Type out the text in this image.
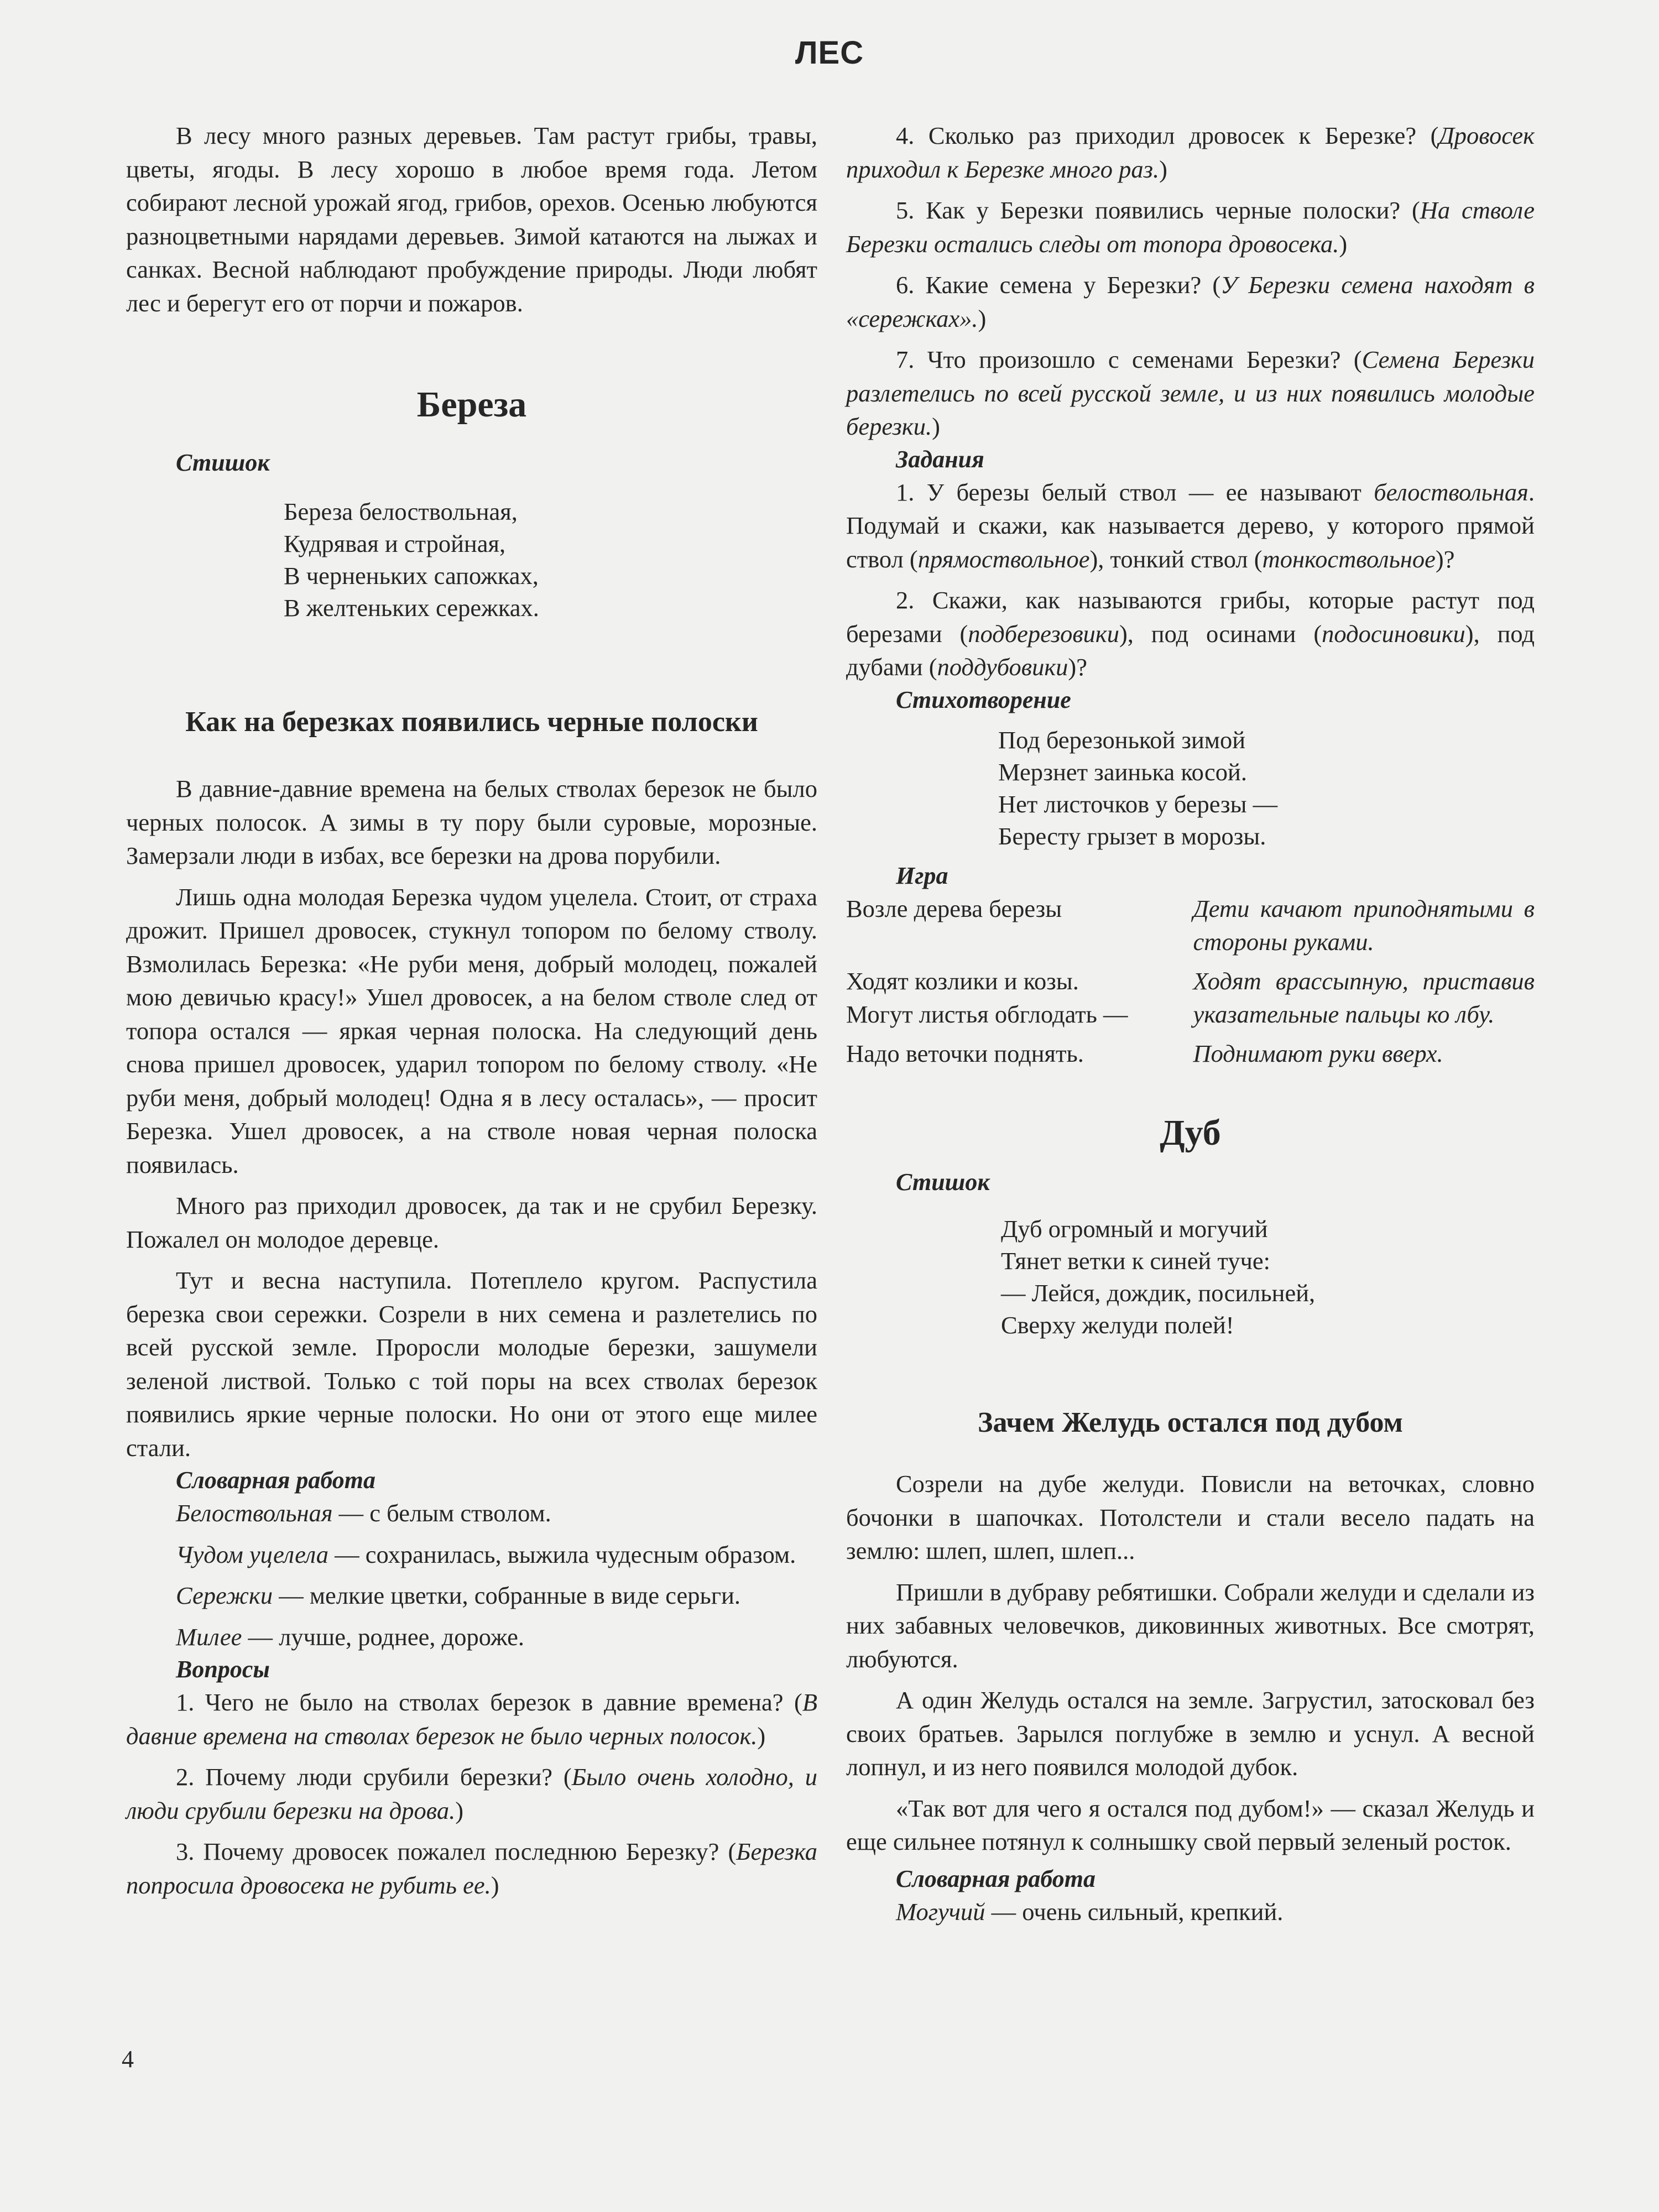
ЛЕС

В лесу много разных деревьев. Там растут грибы, травы, цветы, ягоды. В лесу хорошо в любое время года. Летом собирают лесной урожай ягод, грибов, орехов. Осенью любуются разноцветными нарядами деревьев. Зимой катаются на лыжах и санках. Весной наблюдают пробуждение природы. Люди любят лес и берегут его от порчи и пожаров.

Береза
Стишок
Береза белоствольная,
Кудрявая и стройная,
В черненьких сапожках,
В желтеньких сережках.
Как на березках появились черные полоски

В давние-давние времена на белых стволах березок не было черных полосок. А зимы в ту пору были суровые, морозные. Замерзали люди в избах, все березки на дрова порубили.

Лишь одна молодая Березка чудом уцелела. Стоит, от страха дрожит. Пришел дровосек, стукнул топором по белому стволу. Взмолилась Березка: «Не руби меня, добрый молодец, пожалей мою девичью красу!» Ушел дровосек, а на белом стволе след от топора остался — яркая черная полоска. На следующий день снова пришел дровосек, ударил топором по белому стволу. «Не руби меня, добрый молодец! Одна я в лесу осталась», — просит Березка. Ушел дровосек, а на стволе новая черная полоска появилась.

Много раз приходил дровосек, да так и не срубил Березку. Пожалел он молодое деревце.

Тут и весна наступила. Потеплело кругом. Распустила березка свои сережки. Созрели в них семена и разлетелись по всей русской земле. Проросли молодые березки, зашумели зеленой листвой. Только с той поры на всех стволах березок появились яркие черные полоски. Но они от этого еще милее стали.

Словарная работа

Белоствольная — с белым стволом.

Чудом уцелела — сохранилась, выжила чудесным образом.

Сережки — мелкие цветки, собранные в виде серьги.

Милее — лучше, роднее, дороже.

Вопросы

1. Чего не было на стволах березок в давние времена? (В давние времена на стволах березок не было черных полосок.)

2. Почему люди срубили березки? (Было очень холодно, и люди срубили березки на дрова.)

3. Почему дровосек пожалел последнюю Березку? (Березка попросила дровосека не рубить ее.)

4. Сколько раз приходил дровосек к Березке? (Дровосек приходил к Березке много раз.)

5. Как у Березки появились черные полоски? (На стволе Березки остались следы от топора дровосека.)

6. Какие семена у Березки? (У Березки семена находят в «сережках».)

7. Что произошло с семенами Березки? (Семена Березки разлетелись по всей русской земле, и из них появились молодые березки.)

Задания

1. У березы белый ствол — ее называют белоствольная. Подумай и скажи, как называется дерево, у которого прямой ствол (прямоствольное), тонкий ствол (тонкоствольное)?

2. Скажи, как называются грибы, которые растут под березами (подберезовики), под осинами (подосиновики), под дубами (поддубовики)?

Стихотворение
Под березонькой зимой
Мерзнет заинька косой.
Нет листочков у березы —
Бересту грызет в морозы.
Игра
Возле дерева березы	Дети качают приподнятыми в стороны руками.
Ходят козлики и козы.
Могут листья обглодать —
Ходят врассыпную, приставив указательные пальцы ко лбу.
Надо веточки поднять.	Поднимают руки вверх.
Дуб
Стишок
Дуб огромный и могучий
Тянет ветки к синей туче:
— Лейся, дождик, посильней,
Сверху желуди полей!
Зачем Желудь остался под дубом

Созрели на дубе желуди. Повисли на веточках, словно бочонки в шапочках. Потолстели и стали весело падать на землю: шлеп, шлеп, шлеп...

Пришли в дубраву ребятишки. Собрали желуди и сделали из них забавных человечков, диковинных животных. Все смотрят, любуются.

А один Желудь остался на земле. Загрустил, затосковал без своих братьев. Зарылся поглубже в землю и уснул. А весной лопнул, и из него появился молодой дубок.

«Так вот для чего я остался под дубом!» — сказал Желудь и еще сильнее потянул к солнышку свой первый зеленый росток.

Словарная работа

Могучий — очень сильный, крепкий.

4
